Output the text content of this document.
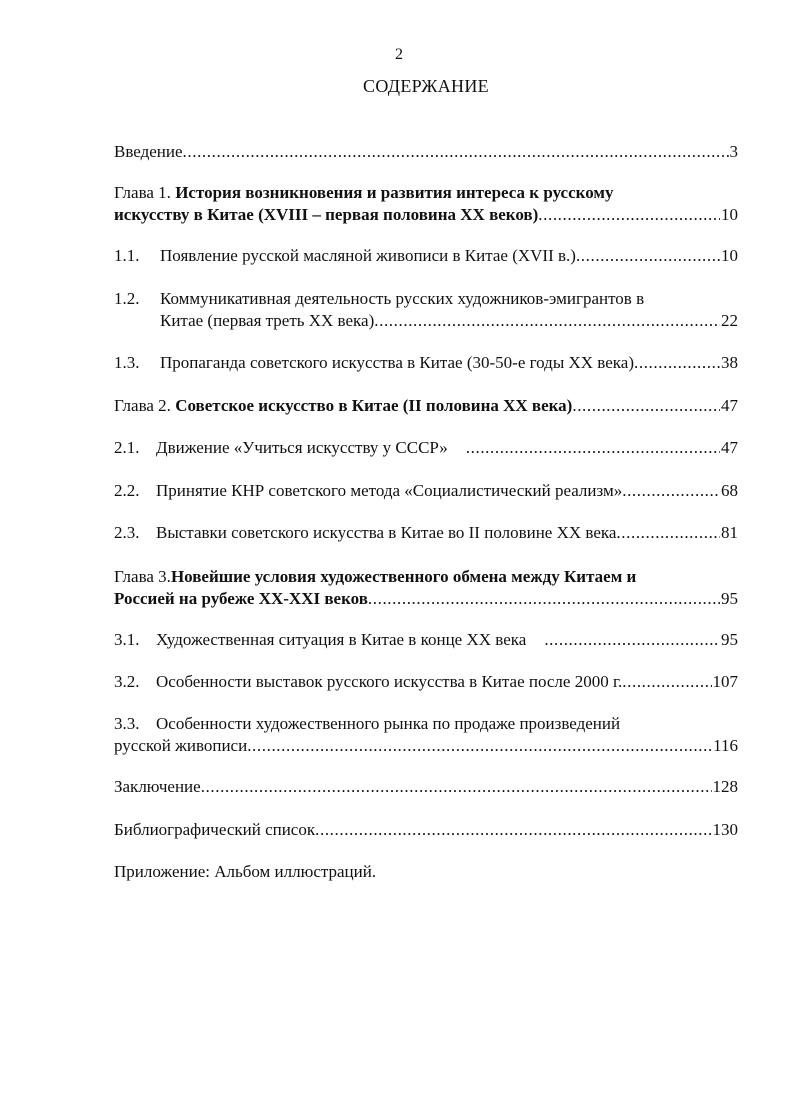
2
СОДЕРЖАНИЕ
Введение .....	3
Глава 1. История возникновения и развития интереса к русскому
искусству в Китае (XVIII – первая половина XX веков) .....	10
1.1.	Появление русской масляной живописи в Китае (XVII в.) .....	10
1.2.	Коммуникативная деятельность русских художников-эмигрантов в
Китае (первая треть XX века) .....	22
1.3.	Пропаганда советского искусства в Китае (30-50-е годы XX века) .....	38
Глава 2.
Советское искусство в Китае (II половина XX века) .....	47
2.1. Движение «Учиться искусству у СССР» .....	47
2.2. Принятие КНР советского метода «Социалистический реализм» .....	68
2.3. Выставки советского искусства в Китае во II половине XX века .....	81
Глава 3. Новейшие условия художественного обмена между Китаем и
Россией на рубеже XX-XXI веков .....	95
3.1. Художественная ситуация в Китае в конце XX века .....	95
3.2. Особенности выставок русского искусства в Китае после 2000 г. .....	107
3.3. Особенности художественного рынка по продаже произведений
русской живописи .....	116
Заключение .....	128
Библиографический список .....	130
Приложение: Альбом иллюстраций.
